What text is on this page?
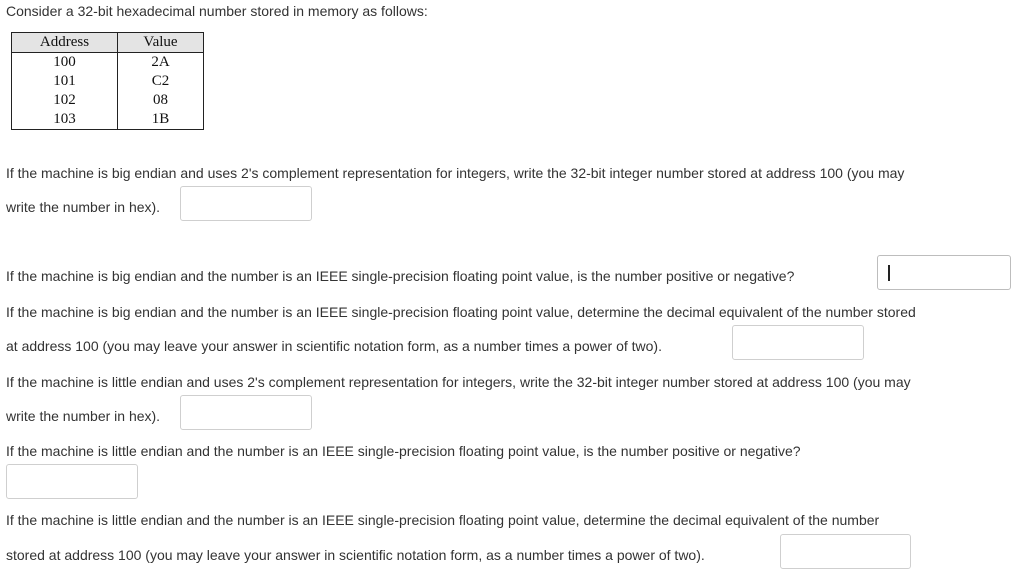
Consider a 32-bit hexadecimal number stored in memory as follows:
Address	Value
100	2A
101	C2
102	08
103	1B
If the machine is big endian and uses 2's complement representation for integers, write the 32-bit integer number stored at address 100 (you may
write the number in hex).
If the machine is big endian and the number is an IEEE single-precision floating point value, is the number positive or negative?
If the machine is big endian and the number is an IEEE single-precision floating point value, determine the decimal equivalent of the number stored
at address 100 (you may leave your answer in scientific notation form, as a number times a power of two).
If the machine is little endian and uses 2's complement representation for integers, write the 32-bit integer number stored at address 100 (you may
write the number in hex).
If the machine is little endian and the number is an IEEE single-precision floating point value, is the number positive or negative?
If the machine is little endian and the number is an IEEE single-precision floating point value, determine the decimal equivalent of the number
stored at address 100 (you may leave your answer in scientific notation form, as a number times a power of two).
